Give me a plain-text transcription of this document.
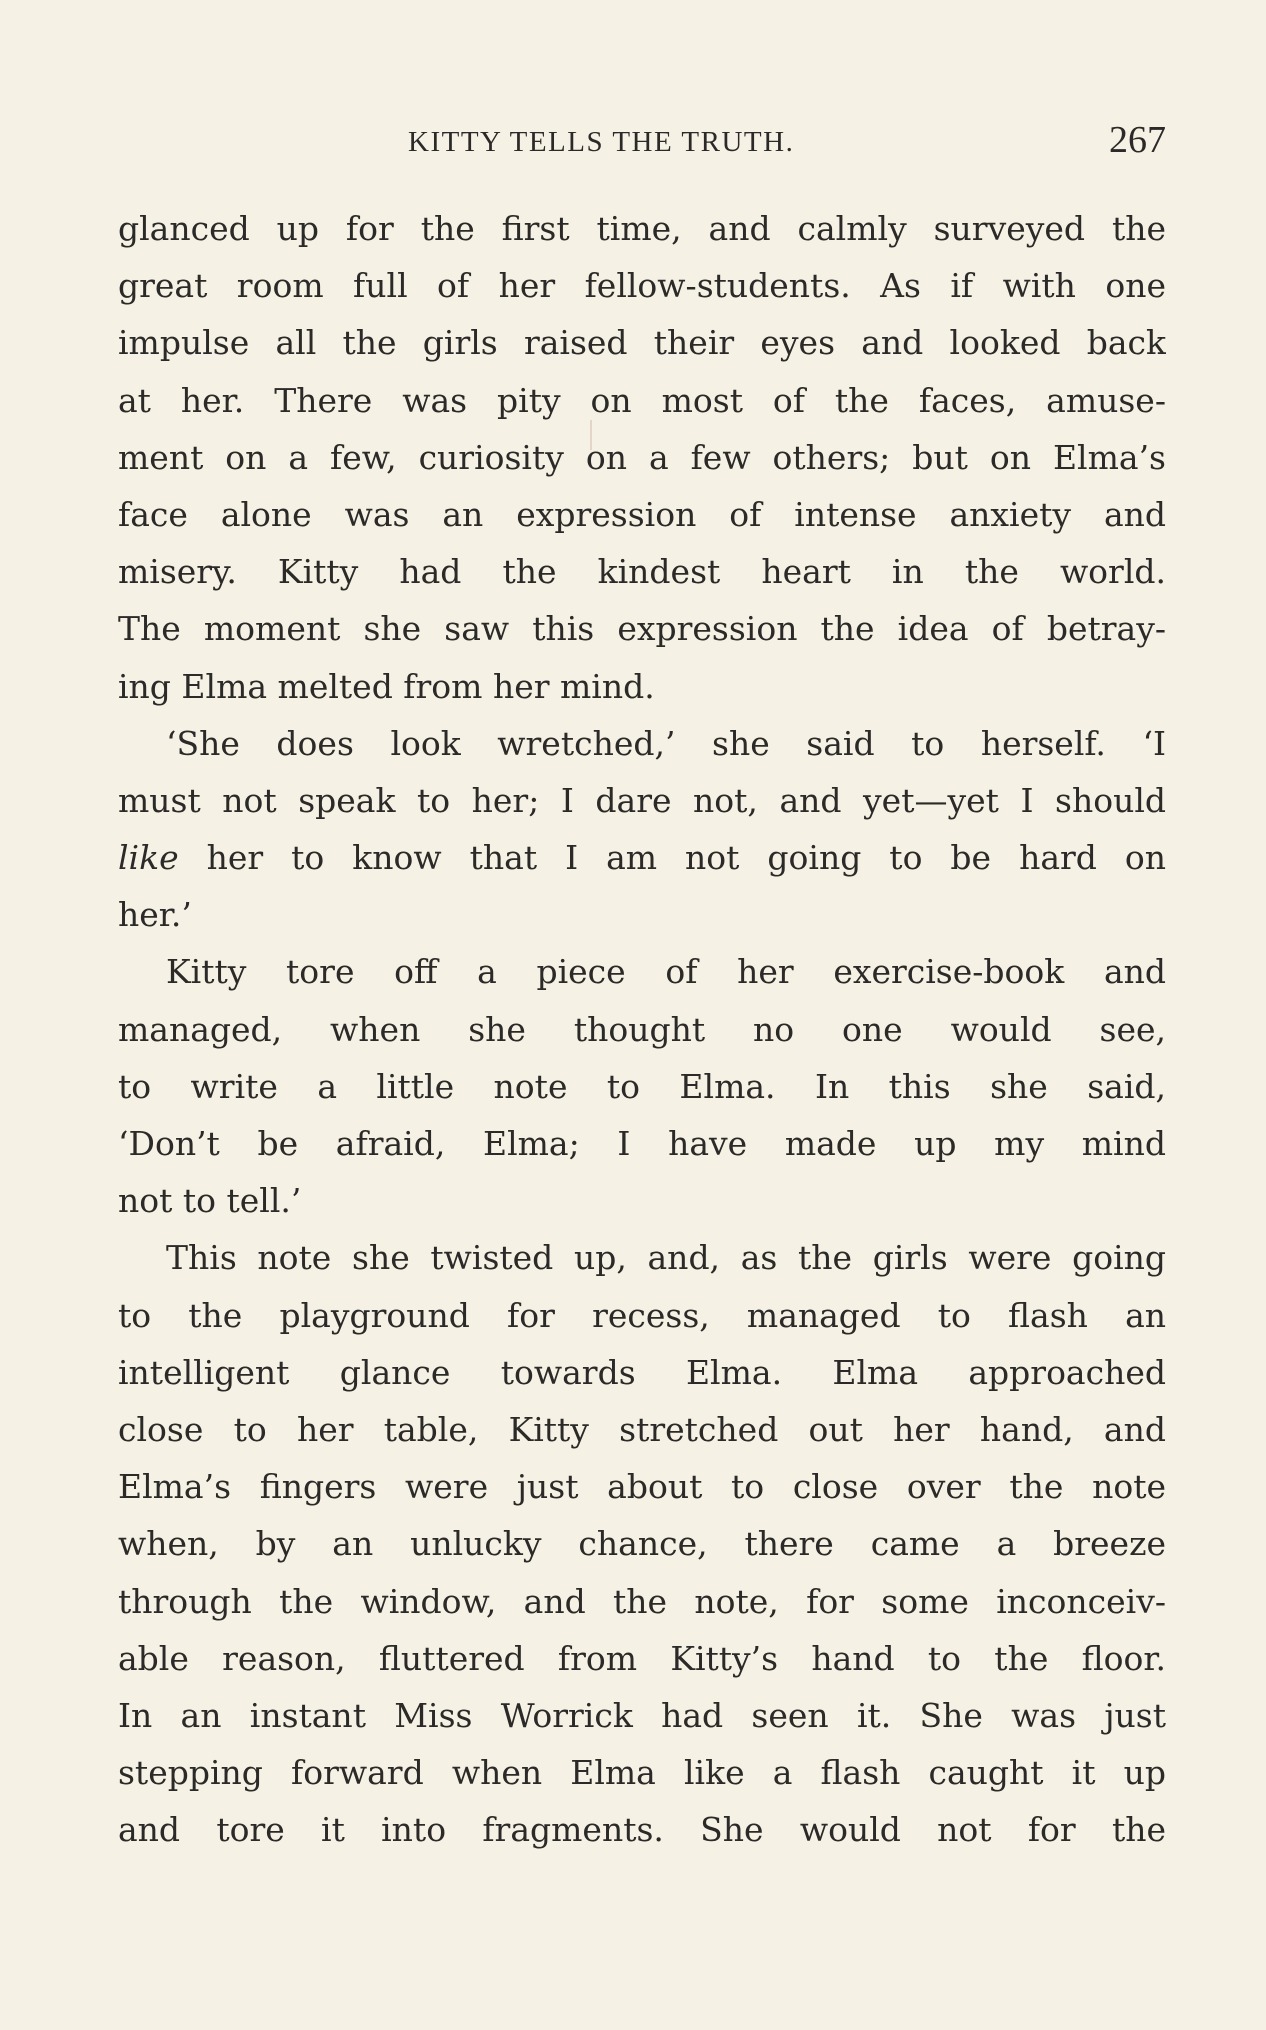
KITTY TELLS THE TRUTH.	267
glanced up for the first time, and calmly surveyed the
great room full of her fellow-students. As if with one
impulse all the girls raised their eyes and looked back
at her. There was pity on most of the faces, amuse-
ment on a few, curiosity on a few others; but on Elma’s
face alone was an expression of intense anxiety and
misery. Kitty had the kindest heart in the world.
The moment she saw this expression the idea of betray-
ing Elma melted from her mind.
‘She does look wretched,’ she said to herself. ‘I
must not speak to her; I dare not, and yet—yet I should
like her to know that I am not going to be hard on
her.’
Kitty tore off a piece of her exercise-book and
managed, when she thought no one would see,
to write a little note to Elma. In this she said,
‘Don’t be afraid, Elma; I have made up my mind
not to tell.’
This note she twisted up, and, as the girls were going
to the playground for recess, managed to flash an
intelligent glance towards Elma. Elma approached
close to her table, Kitty stretched out her hand, and
Elma’s fingers were just about to close over the note
when, by an unlucky chance, there came a breeze
through the window, and the note, for some inconceiv-
able reason, fluttered from Kitty’s hand to the floor.
In an instant Miss Worrick had seen it. She was just
stepping forward when Elma like a flash caught it up
and tore it into fragments. She would not for the
